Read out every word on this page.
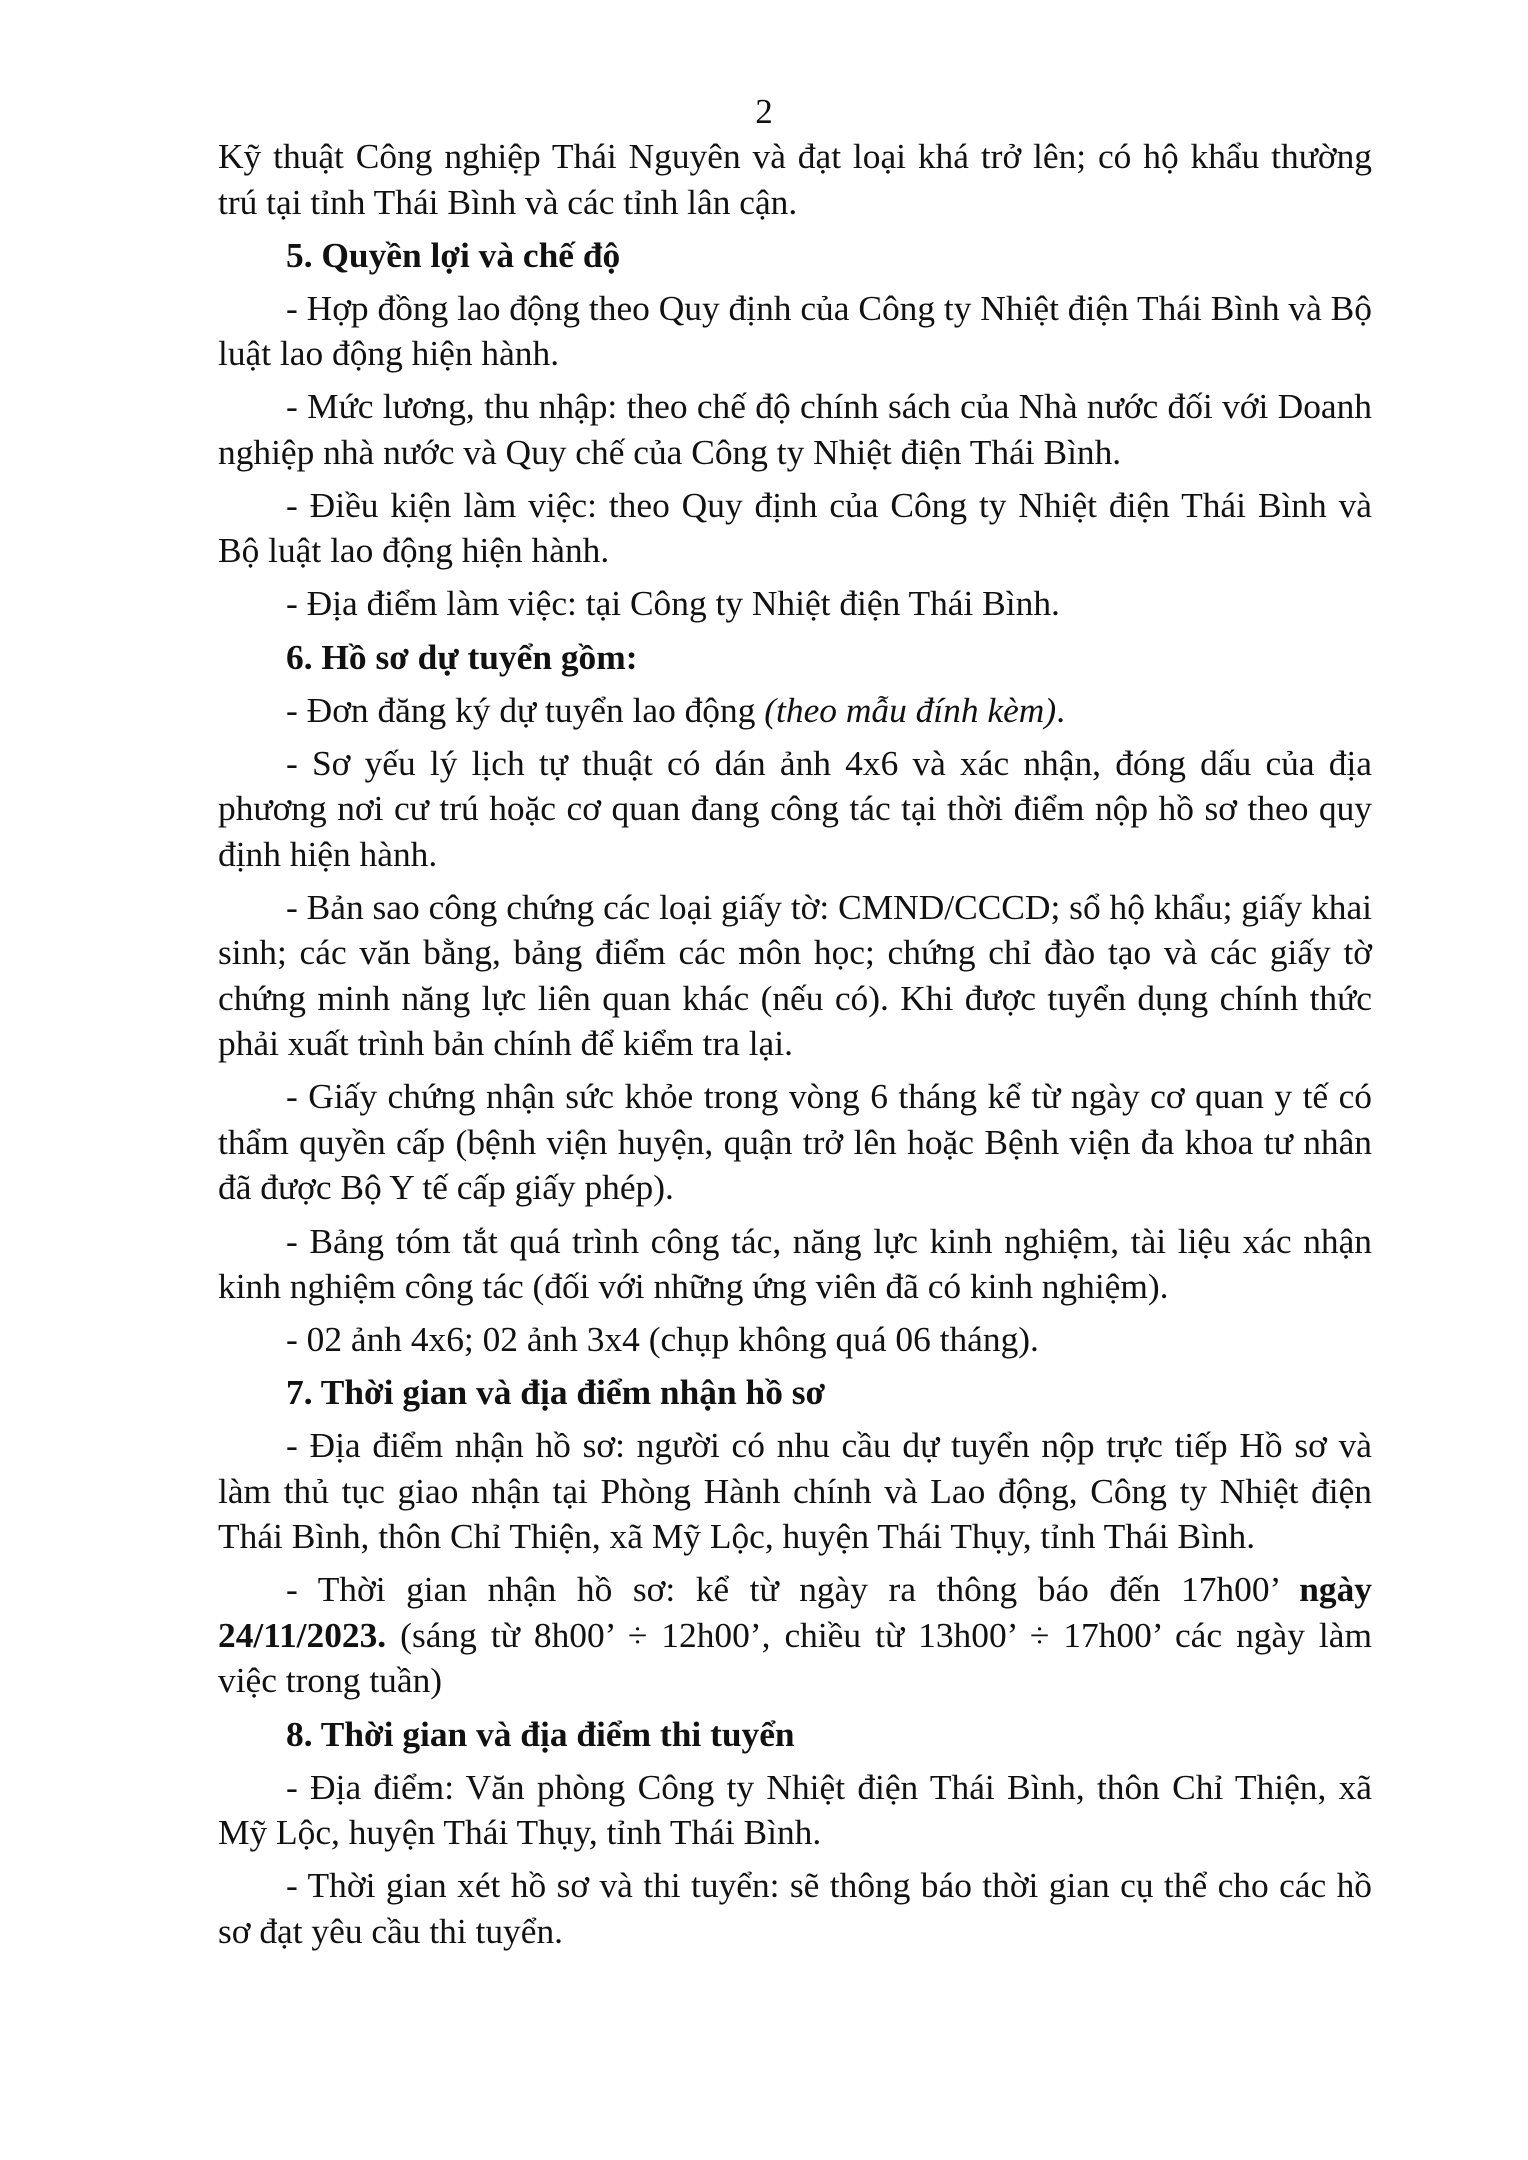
2

Kỹ thuật Công nghiệp Thái Nguyên và đạt loại khá trở lên; có hộ khẩu thường trú tại tỉnh Thái Bình và các tỉnh lân cận.

5. Quyền lợi và chế độ

- Hợp đồng lao động theo Quy định của Công ty Nhiệt điện Thái Bình và Bộ luật lao động hiện hành.

- Mức lương, thu nhập: theo chế độ chính sách của Nhà nước đối với Doanh nghiệp nhà nước và Quy chế của Công ty Nhiệt điện Thái Bình.

- Điều kiện làm việc: theo Quy định của Công ty Nhiệt điện Thái Bình và Bộ luật lao động hiện hành.

- Địa điểm làm việc: tại Công ty Nhiệt điện Thái Bình.

6. Hồ sơ dự tuyển gồm:

- Đơn đăng ký dự tuyển lao động (theo mẫu đính kèm).

- Sơ yếu lý lịch tự thuật có dán ảnh 4x6 và xác nhận, đóng dấu của địa phương nơi cư trú hoặc cơ quan đang công tác tại thời điểm nộp hồ sơ theo quy định hiện hành.

- Bản sao công chứng các loại giấy tờ: CMND/CCCD; sổ hộ khẩu; giấy khai sinh; các văn bằng, bảng điểm các môn học; chứng chỉ đào tạo và các giấy tờ chứng minh năng lực liên quan khác (nếu có). Khi được tuyển dụng chính thức phải xuất trình bản chính để kiểm tra lại.

- Giấy chứng nhận sức khỏe trong vòng 6 tháng kể từ ngày cơ quan y tế có thẩm quyền cấp (bệnh viện huyện, quận trở lên hoặc Bệnh viện đa khoa tư nhân đã được Bộ Y tế cấp giấy phép).

- Bảng tóm tắt quá trình công tác, năng lực kinh nghiệm, tài liệu xác nhận kinh nghiệm công tác (đối với những ứng viên đã có kinh nghiệm).

- 02 ảnh 4x6; 02 ảnh 3x4 (chụp không quá 06 tháng).

7. Thời gian và địa điểm nhận hồ sơ

- Địa điểm nhận hồ sơ: người có nhu cầu dự tuyển nộp trực tiếp Hồ sơ và làm thủ tục giao nhận tại Phòng Hành chính và Lao động, Công ty Nhiệt điện Thái Bình, thôn Chỉ Thiện, xã Mỹ Lộc, huyện Thái Thụy, tỉnh Thái Bình.

- Thời gian nhận hồ sơ: kể từ ngày ra thông báo đến 17h00’ ngày 24/11/2023. (sáng từ 8h00’ ÷ 12h00’, chiều từ 13h00’ ÷ 17h00’ các ngày làm việc trong tuần)

8. Thời gian và địa điểm thi tuyển

- Địa điểm: Văn phòng Công ty Nhiệt điện Thái Bình, thôn Chỉ Thiện, xã Mỹ Lộc, huyện Thái Thụy, tỉnh Thái Bình.

- Thời gian xét hồ sơ và thi tuyển: sẽ thông báo thời gian cụ thể cho các hồ sơ đạt yêu cầu thi tuyển.
